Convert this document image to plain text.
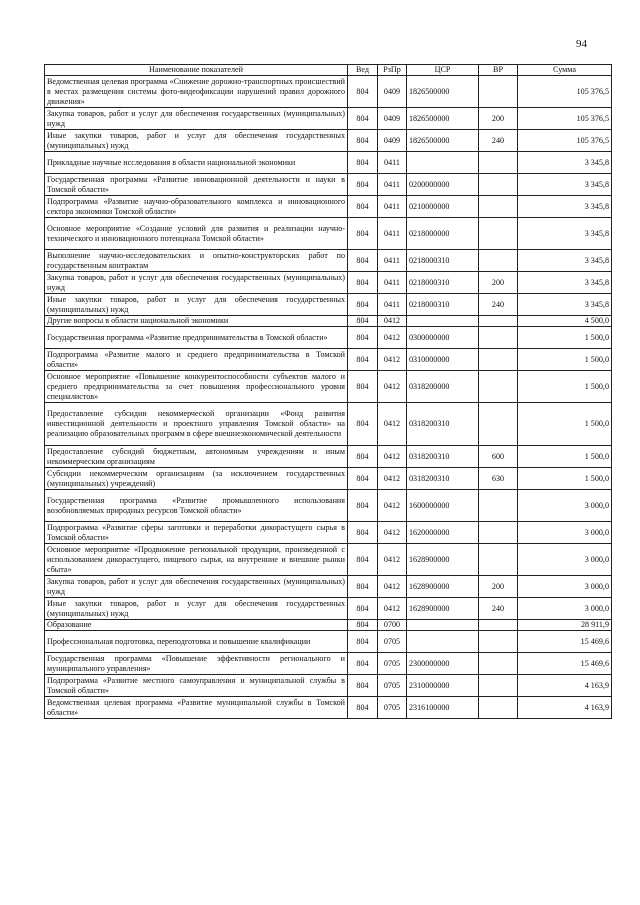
94
Наименование показателей	Вед	РзПр	ЦСР	ВР	Сумма
Ведомственная целевая программа «Снижение дорожно-транспортных происшествий в местах размещения системы фото-видеофиксации нарушений правил дорожного движения»	804	0409	1826500000		105 376,5
Закупка товаров, работ и услуг для обеспечения государственных (муниципальных) нужд	804	0409	1826500000	200	105 376,5
Иные закупки товаров, работ и услуг для обеспечения государственных (муниципальных) нужд	804	0409	1826500000	240	105 376,5
Прикладные научные исследования в области национальной экономики	804	0411			3 345,8
Государственная программа «Развитие инновационной деятельности и науки в Томской области»	804	0411	0200000000		3 345,8
Подпрограмма «Развитие научно-образовательного комплекса и инновационного сектора экономики Томской области»	804	0411	0210000000		3 345,8
Основное мероприятие «Создание условий для развития и реализации научно-технического и инновационного потенциала Томской области»	804	0411	0218000000		3 345,8
Выполнение научно-исследовательских и опытно-конструкторских работ по государственным контрактам	804	0411	0218000310		3 345,8
Закупка товаров, работ и услуг для обеспечения государственных (муниципальных) нужд	804	0411	0218000310	200	3 345,8
Иные закупки товаров, работ и услуг для обеспечения государственных (муниципальных) нужд	804	0411	0218000310	240	3 345,8
Другие вопросы в области национальной экономики	804	0412			4 500,0
Государственная программа «Развитие предпринимательства в Томской области»	804	0412	0300000000		1 500,0
Подпрограмма «Развитие малого и среднего предпринимательства в Томской области»	804	0412	0310000000		1 500,0
Основное мероприятие «Повышение конкурентоспособности субъектов малого и среднего предпринимательства за счет повышения профессионального уровня специалистов»	804	0412	0318200000		1 500,0
Предоставление субсидии некоммерческой организации «Фонд развития инвестиционной деятельности и проектного управления Томской области» на реализацию образовательных программ в сфере внешнеэкономической деятельности	804	0412	0318200310		1 500,0
Предоставление субсидий бюджетным, автономным учреждениям и иным некоммерческим организациям	804	0412	0318200310	600	1 500,0
Субсидии некоммерческим организациям (за исключением государственных (муниципальных) учреждений)	804	0412	0318200310	630	1 500,0
Государственная программа «Развитие промышленного использования возобновляемых природных ресурсов Томской области»	804	0412	1600000000		3 000,0
Подпрограмма «Развитие сферы заготовки и переработки дикорастущего сырья в Томской области»	804	0412	1620000000		3 000,0
Основное мероприятие «Продвижение региональной продукции, произведенной с использованием дикорастущего, пищевого сырья, на внутренние и внешние рынки сбыта»	804	0412	1628900000		3 000,0
Закупка товаров, работ и услуг для обеспечения государственных (муниципальных) нужд	804	0412	1628900000	200	3 000,0
Иные закупки товаров, работ и услуг для обеспечения государственных (муниципальных) нужд	804	0412	1628900000	240	3 000,0
Образование	804	0700			28 911,9
Профессиональная подготовка, переподготовка и повышение квалификации	804	0705			15 469,6
Государственная программа «Повышение эффективности регионального и муниципального управления»	804	0705	2300000000		15 469,6
Подпрограмма «Развитие местного самоуправления и муниципальной службы в Томской области»	804	0705	2310000000		4 163,9
Ведомственная целевая программа «Развитие муниципальной службы в Томской области»	804	0705	2316100000		4 163,9
